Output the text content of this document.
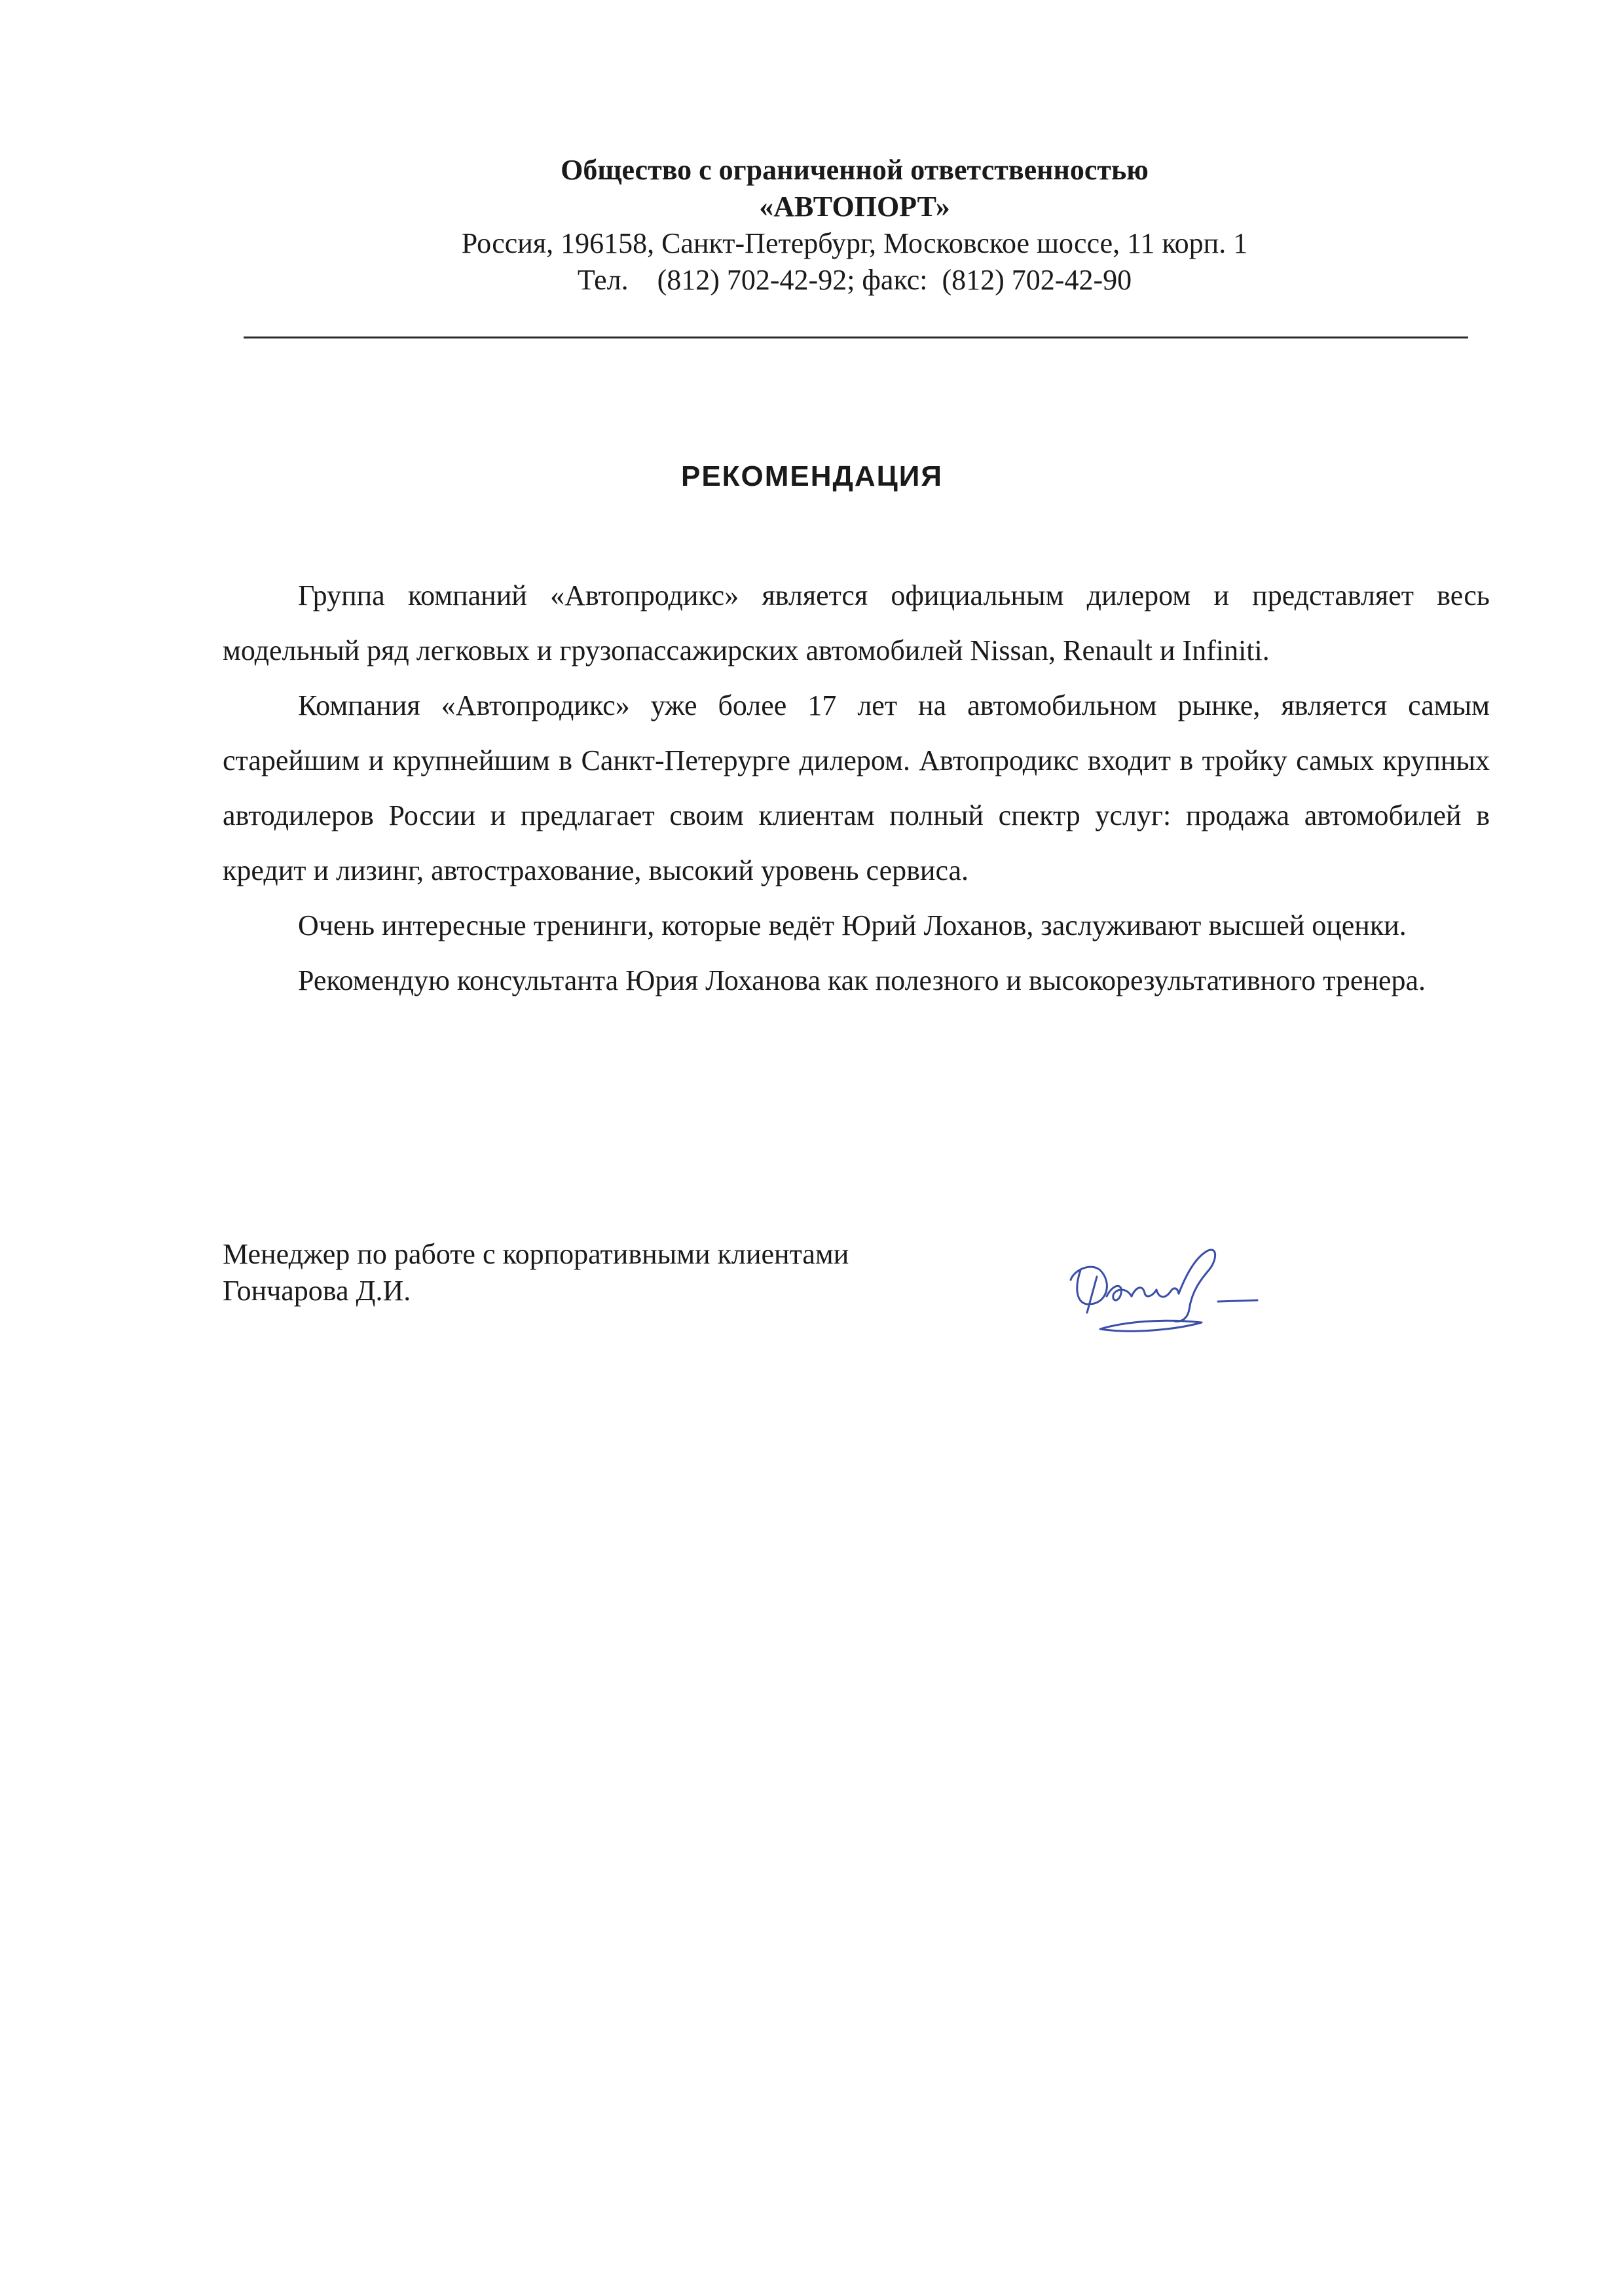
Общество с ограниченной ответственностью
«АВТОПОРТ»
Россия, 196158, Санкт-Петербург, Московское шоссе, 11 корп. 1
Тел.    (812) 702-42-92; факс:  (812) 702-42-90
РЕКОМЕНДАЦИЯ

Группа компаний «Автопродикс» является официальным дилером и представляет весь модельный ряд легковых и грузопассажирских автомобилей Nissan, Renault и Infiniti.

Компания «Автопродикс» уже более 17 лет на автомобильном рынке, является самым старейшим и крупнейшим в Санкт-Петерурге дилером. Автопродикс входит в тройку самых крупных автодилеров России и предлагает своим клиентам полный спектр услуг: продажа автомобилей в кредит и лизинг, автострахование, высокий уровень сервиса.

Очень интересные тренинги, которые ведёт Юрий Лоханов, заслуживают высшей оценки.

Рекомендую консультанта Юрия Лоханова как полезного и высокорезультативного тренера.

Менеджер по работе с корпоративными клиентами
Гончарова Д.И.
